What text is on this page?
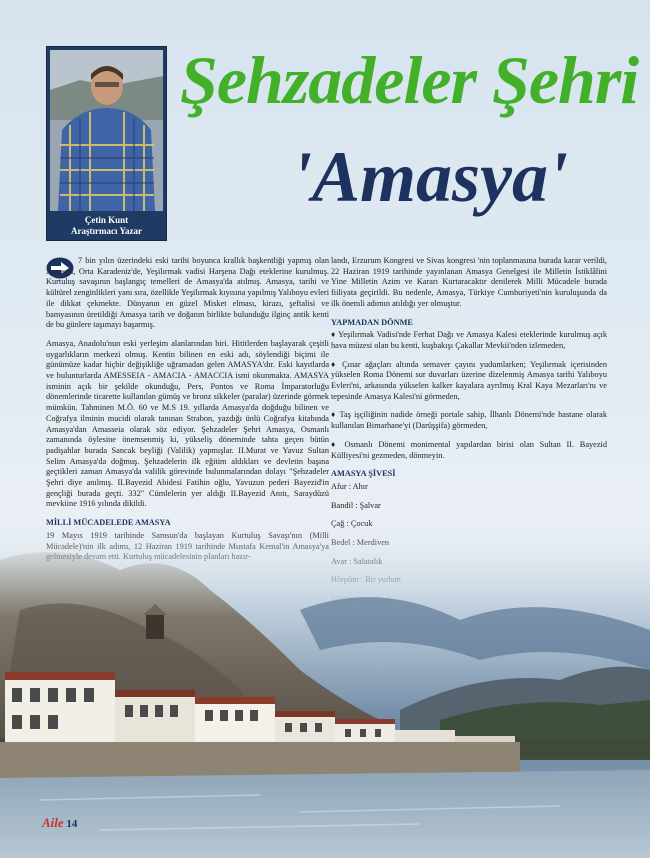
Çetin Kunt
Araştırmacı Yazar
Şehzadeler Şehri
'Amasya'

7 bin yılın üzerindeki eski tarihi boyunca krallık başkentliği yapmış olan Amasya, Orta Karadeniz'de, Yeşilırmak vadisi Harşena Dağı eteklerine kurulmuş. Kurtuluş savaşının başlangıç temelleri de Amasya'da atılmış. Amasya, tarihi ve kültürel zenginlikleri yanı sıra, özellikle Yeşilırmak kıyısına yapılmış Yalıboyu evleri ile dikkat çekmekte. Dünyanın en güzel Misket elması, kirazı, şeftalisi ve bamyasının üretildiği Amasya tarih ve doğanın birlikte bulunduğu ilginç antik kenti de bu günlere taşımayı başarmış.

Amasya, Anadolu'nun eski yerleşim alanlarından biri. Hititlerden başlayarak çeşitli uygarlıkların merkezi olmuş. Kentin bilinen en eski adı, söylendiği biçimi ile günümüze kadar hiçbir değişikliğe uğramadan gelen AMASYA'dır. Eski kayıtlarda ve bulunturlarda AMESSEIA - AMACIA - AMACCIA ismi okunmakta. AMASYA isminin açık bir şekilde okunduğu, Pers, Pontos ve Roma İmparatorluğu dönemlerinde ticarette kullanılan gümüş ve bronz sikkeler (paralar) üzerinde görmek mümkün. Tahminen M.Ö. 60 ve M.S 19. yıllarda Amasya'da doğduğu bilinen ve Coğrafya ilminin mucidi olarak tanınan Strabon, yazdığı ünlü Coğrafya kitabında Amasya'dan Amasseia olarak söz ediyor. Şehzadeler Şehri Amasya, Osmanlı zamanında öylesine önemsenmiş ki, yükseliş döneminde tahta geçen bütün padişahlar burada Sancak beyliği (Valilik) yapmışlar. II.Murat ve Yavuz Sultan Selim Amasya'da doğmuş. Şehzadelerin ilk eğitim aldıkları ve devletin başına geçtikleri zaman Amasya'da valilik görevinde bulunmalarından dolayı "Şehzadeler Şehri diye anılmış. II.Bayezid Abidesi Fatihin oğlu, Yavuzun pederi Bayezid'in gençliği burada geçti. 332" Cümlelerin yer aldığı II.Bayezid Anıtı, Saraydüzü mevkiine 1916 yılında dikildi.

landı, Erzurum Kongresi ve Sivas kongresi 'nin toplanmasına burada karar verildi, 22 Haziran 1919 tarihinde yayınlanan Amasya Genelgesi ile Milletin İstiklâlini Yine Milletin Azim ve Kararı Kurtaracaktır denilerek Milli Mücadele burada fiiliyata geçirildi. Bu nedenle, Amasya, Türkiye Cumhuriyeti'nin kuruluşunda da ilk önemli adımın atıldığı yer olmuştur.

YAPMADAN DÖNME

♦ Yeşilırmak Vadisi'nde Ferhat Dağı ve Amasya Kalesi eteklerinde kurulmuş açık hava müzesi olan bu kenti, kuşbakışı Çakallar Mevkii'nden izlemeden,

♦ Çınar ağaçları altında semaver çayını yudumlarken; Yeşilırmak içerisinden yükselen Roma Dönemi sur duvarları üzerine dizelenmiş Amasya tarihi Yalıboyu Evleri'ni, arkasında yükselen kalker kayalara ayrılmış Kral Kaya Mezarları'nı ve tepesinde Amasya Kalesi'ni görmeden,

♦ Taş işçiliğinin nadide örneği portale sahip, İlhanlı Dönemi'nde hastane olarak kullanılan Bimarhane'yi (Darüşşifa) görmeden,

♦ Osmanlı Dönemi monimental yapılardan birisi olan Sultan II. Bayezid Külliyesi'ni gezmeden, dönmeyin.

AMASYA ŞİVESİ

Afur : Ahır

Bandil : Şalvar

Aile 14
